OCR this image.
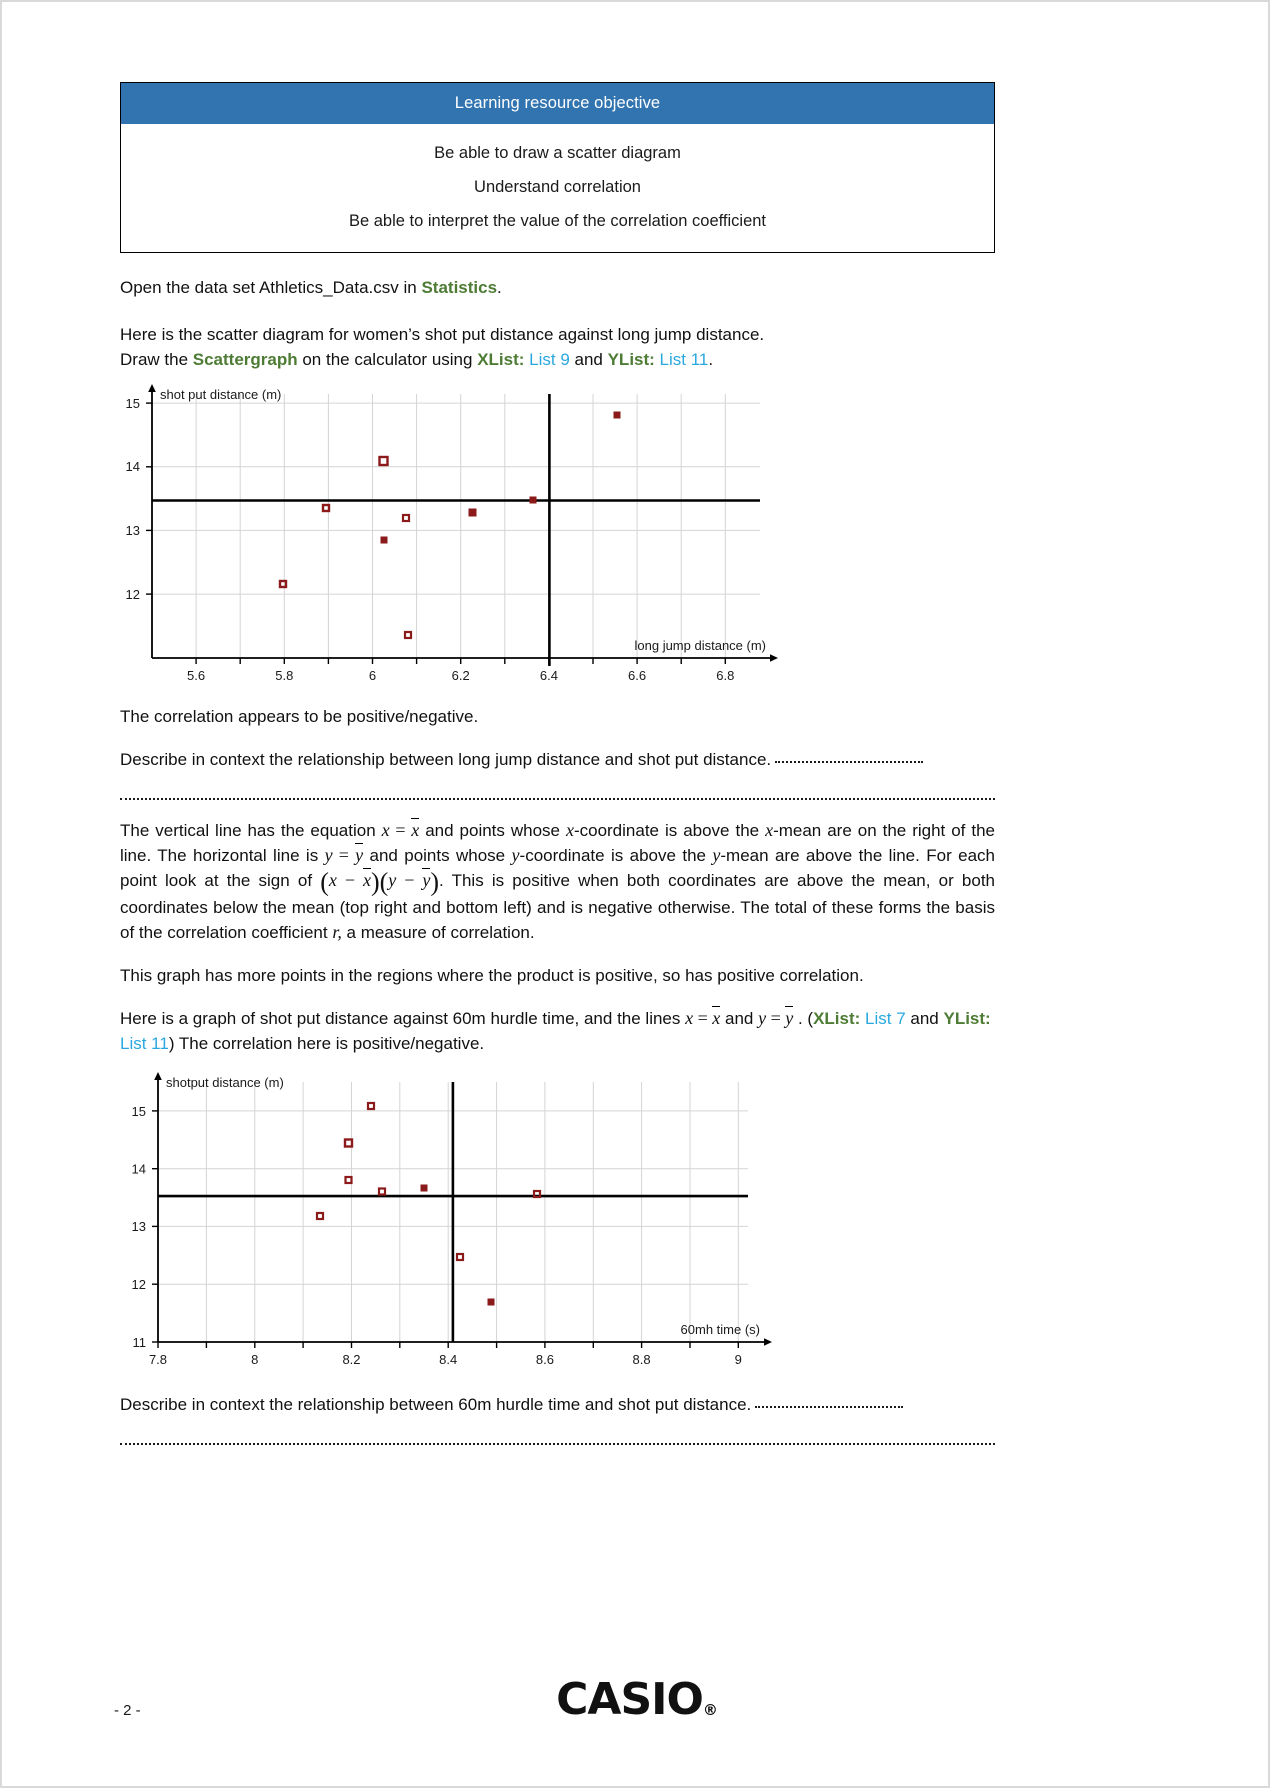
Learning resource objective

Be able to draw a scatter diagram
Understand correlation
Be able to interpret the value of the correlation coefficient

Open the data set Athletics_Data.csv in Statistics.

Here is the scatter diagram for women’s shot put distance against long jump distance.

Draw the Scattergraph on the calculator using XList: List 9 and YList: List 11.

5.6	5.8	6	6.2	6.4	6.6	6.8
12
13
14
15
shot put distance (m)
long jump distance (m)

The correlation appears to be positive/negative.

Describe in context the relationship between long jump distance and shot put distance.

The vertical line has the equation x = x and points whose x-coordinate is above the x-mean are on the right of the line. The horizontal line is y = y and points whose y-coordinate is above the y-mean are above the line. For each point look at the sign of (x − x)(y − y). This is positive when both coordinates are above the mean, or both coordinates below the mean (top right and bottom left) and is negative otherwise. The total of these forms the basis of the correlation coefficient r, a measure of correlation.

This graph has more points in the regions where the product is positive, so has positive correlation.

Here is a graph of shot put distance against 60m hurdle time, and the lines x = x and y = y . (XList: List 7 and YList: List 11) The correlation here is positive/negative.

7.8	8	8.2	8.4	8.6	8.8	9
11
12
13
14
15
shotput distance (m)
60mh time (s)

Describe in context the relationship between 60m hurdle time and shot put distance.

- 2 -	CASIO®
